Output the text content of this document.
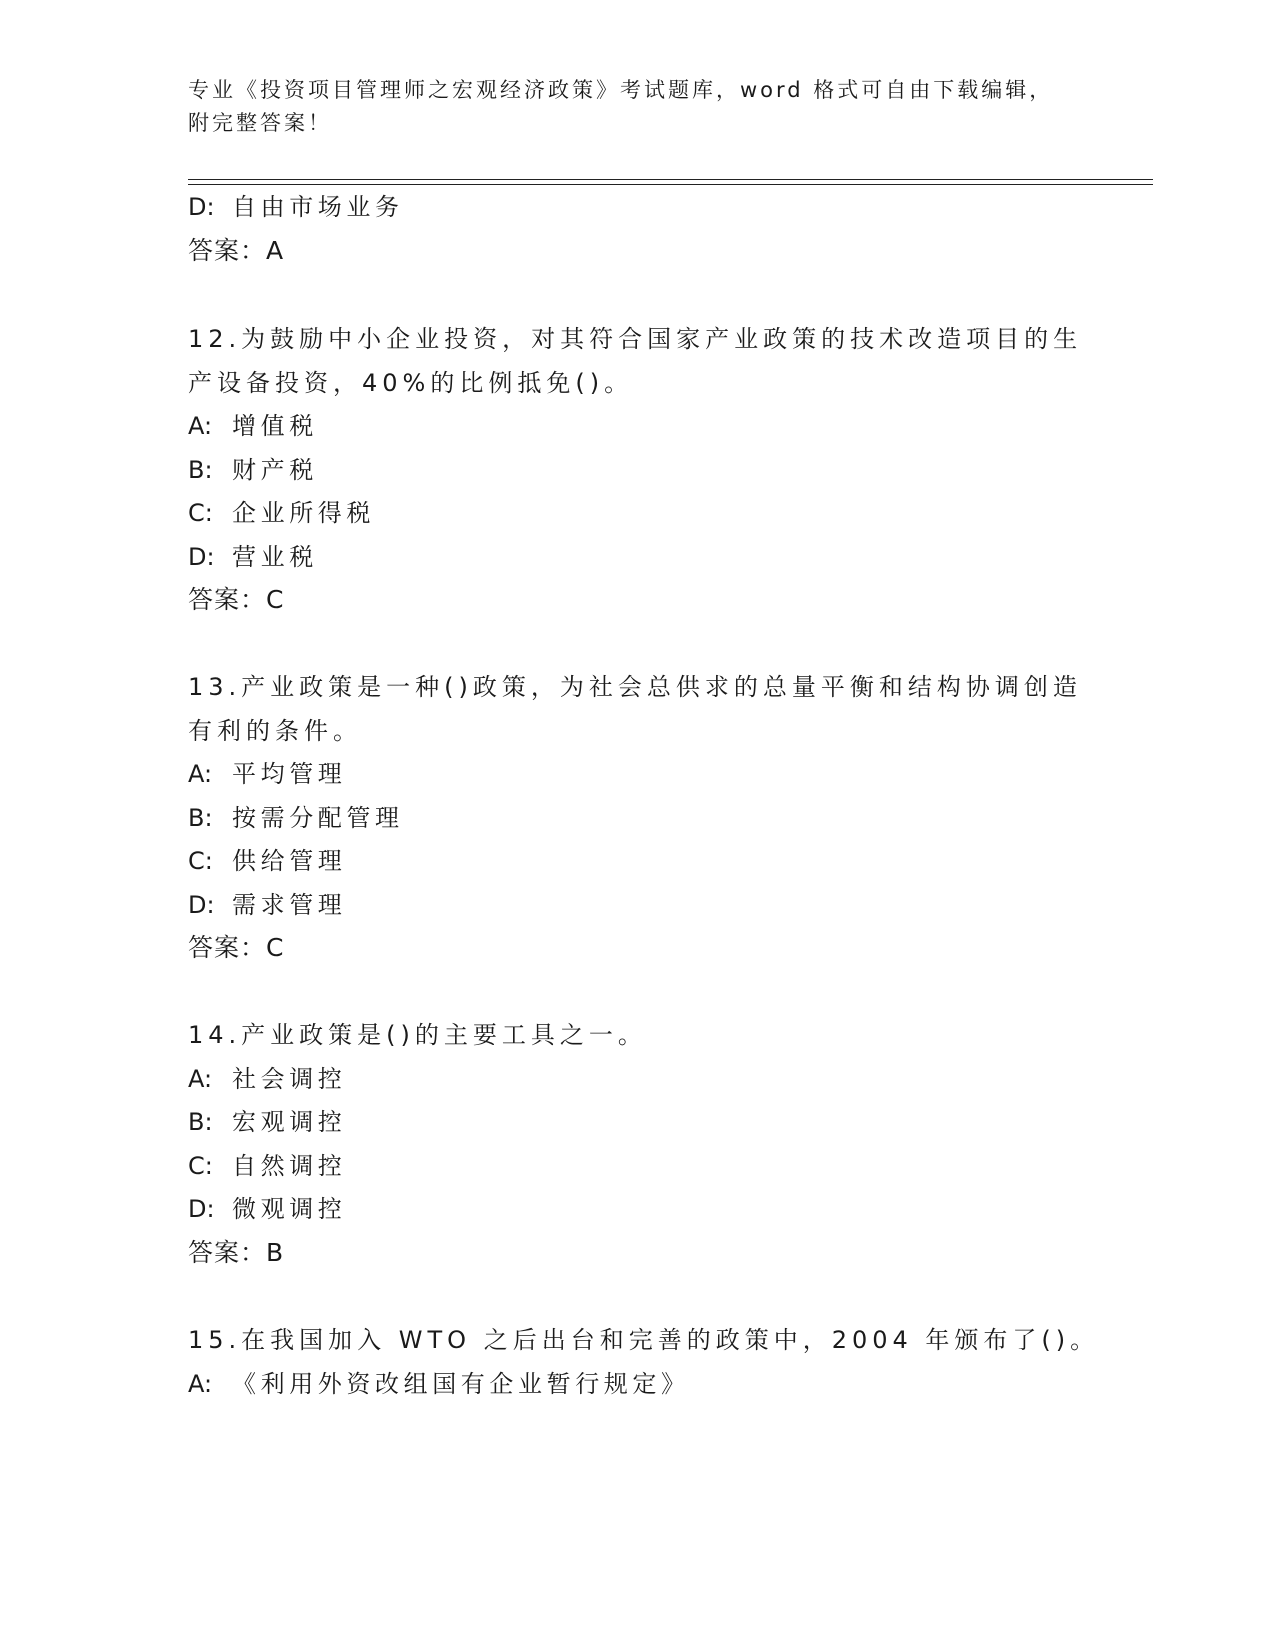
专业《投资项目管理师之宏观经济政策》考试题库，word 格式可自由下载编辑，
附完整答案！
D: 自由市场业务
答案：A
12.为鼓励中小企业投资，对其符合国家产业政策的技术改造项目的生
产设备投资，40%的比例抵免()。
A: 增值税
B: 财产税
C: 企业所得税
D: 营业税
答案：C
13.产业政策是一种()政策，为社会总供求的总量平衡和结构协调创造
有利的条件。
A: 平均管理
B: 按需分配管理
C: 供给管理
D: 需求管理
答案：C
14.产业政策是()的主要工具之一。
A: 社会调控
B: 宏观调控
C: 自然调控
D: 微观调控
答案：B
15.在我国加入 WTO 之后出台和完善的政策中，2004 年颁布了()。
A: 《利用外资改组国有企业暂行规定》
